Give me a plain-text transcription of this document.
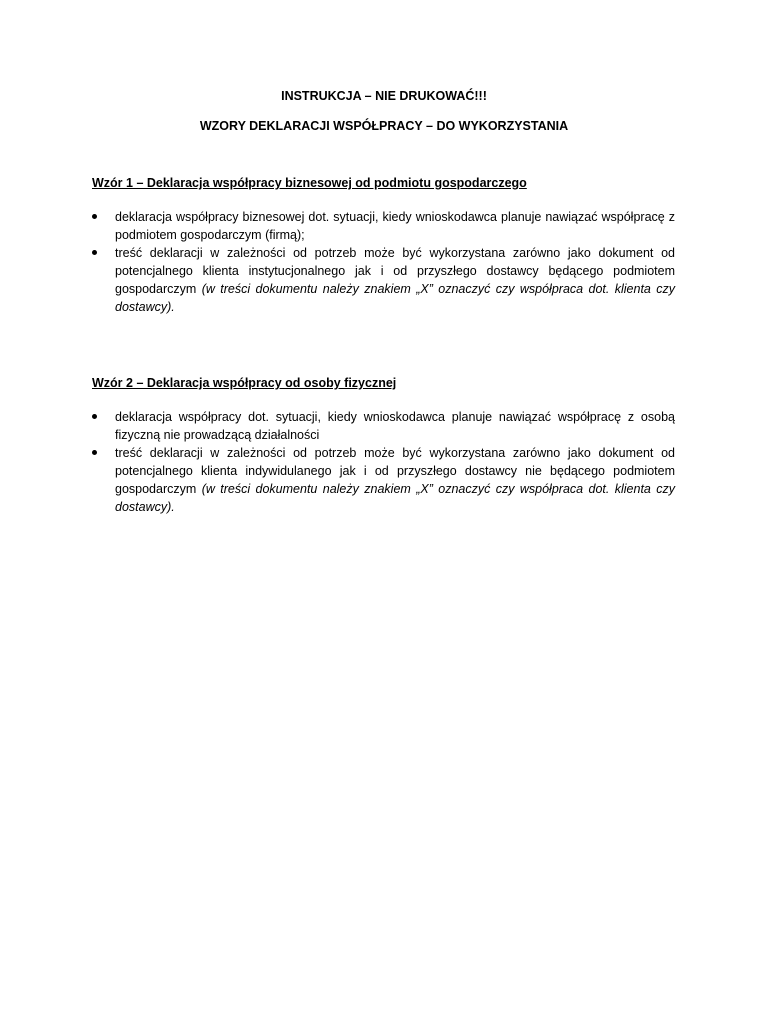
INSTRUKCJA – NIE DRUKOWAĆ!!!
WZORY DEKLARACJI WSPÓŁPRACY – DO WYKORZYSTANIA
Wzór 1 – Deklaracja współpracy biznesowej od podmiotu gospodarczego
deklaracja współpracy biznesowej dot. sytuacji, kiedy wnioskodawca planuje nawiązać współpracę z podmiotem gospodarczym (firmą);
treść deklaracji w zależności od potrzeb może być wykorzystana zarówno jako dokument od potencjalnego klienta instytucjonalnego jak i od przyszłego dostawcy będącego podmiotem gospodarczym (w treści dokumentu należy znakiem „X” oznaczyć czy współpraca dot. klienta czy dostawcy).
Wzór 2 – Deklaracja współpracy od osoby fizycznej
deklaracja współpracy dot. sytuacji, kiedy wnioskodawca planuje nawiązać współpracę z osobą fizyczną nie prowadzącą działalności
treść deklaracji w zależności od potrzeb może być wykorzystana zarówno jako dokument od potencjalnego klienta indywidulanego jak i od przyszłego dostawcy nie będącego podmiotem gospodarczym (w treści dokumentu należy znakiem „X” oznaczyć czy współpraca dot. klienta czy dostawcy).
